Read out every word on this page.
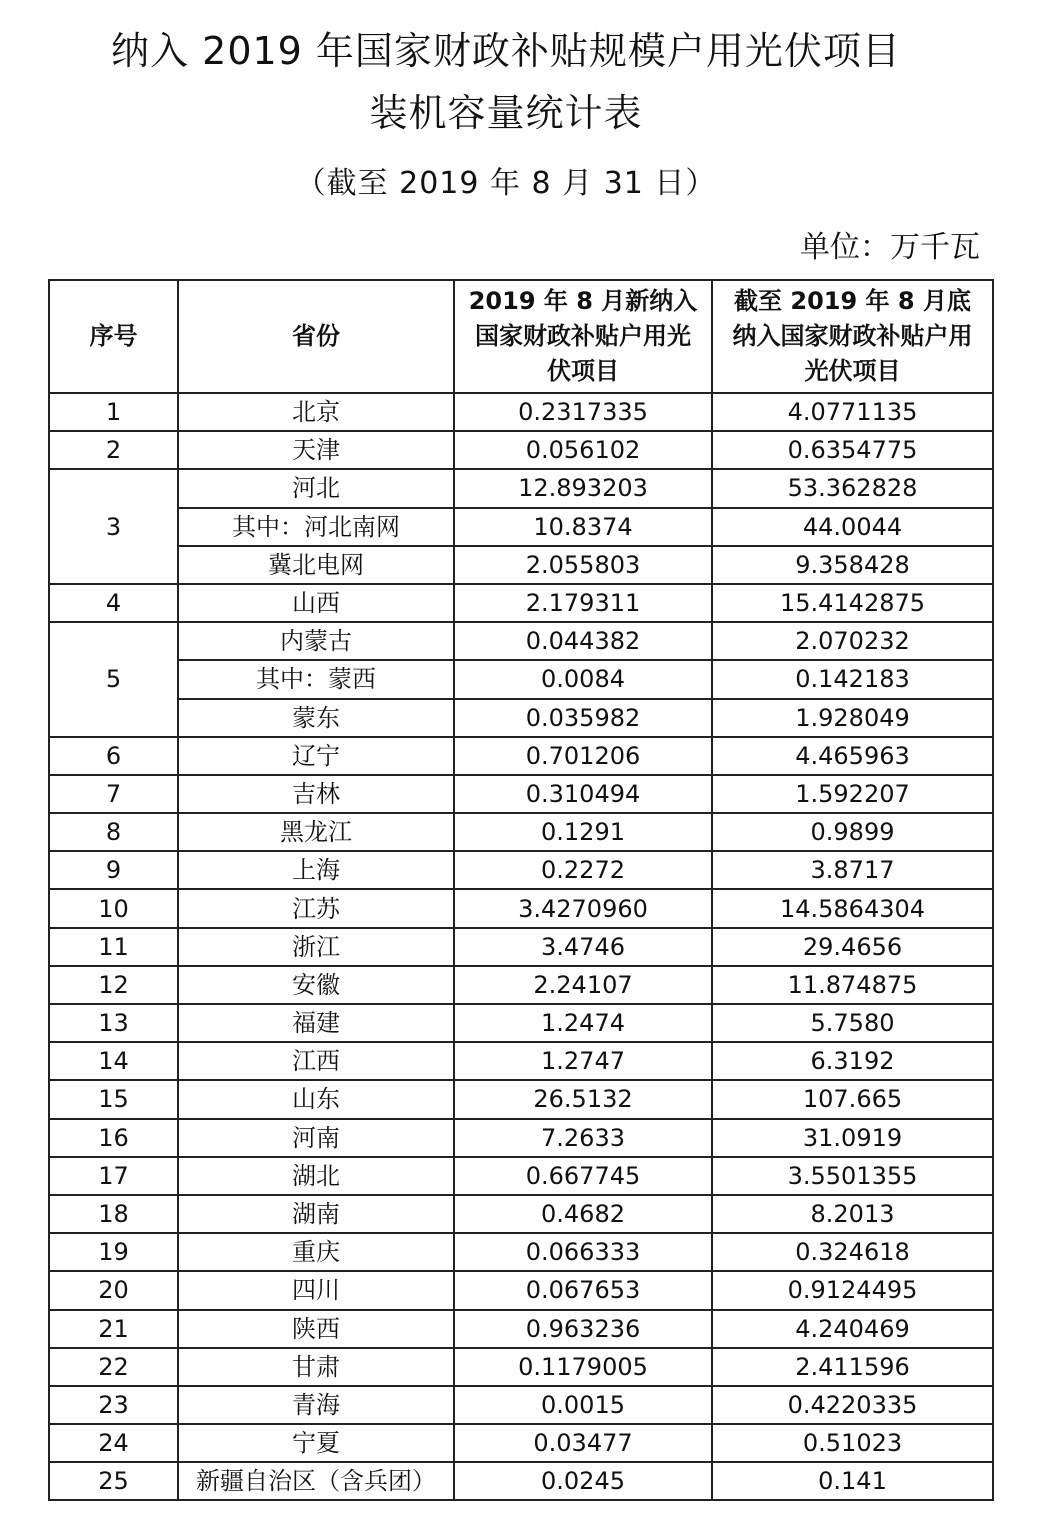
纳入 2019 年国家财政补贴规模户用光伏项目
装机容量统计表
（截至 2019 年 8 月 31 日）
单位：万千瓦
序号	省份	2019 年 8 月新纳入国家财政补贴户用光伏项目	截至 2019 年 8 月底纳入国家财政补贴户用光伏项目
1	北京	0.2317335	4.0771135
2	天津	0.056102	0.6354775
3	河北	12.893203	53.362828
	其中：河北南网	10.8374	44.0044
	冀北电网	2.055803	9.358428
4	山西	2.179311	15.4142875
5	内蒙古	0.044382	2.070232
	其中：蒙西	0.0084	0.142183
	蒙东	0.035982	1.928049
6	辽宁	0.701206	4.465963
7	吉林	0.310494	1.592207
8	黑龙江	0.1291	0.9899
9	上海	0.2272	3.8717
10	江苏	3.4270960	14.5864304
11	浙江	3.4746	29.4656
12	安徽	2.24107	11.874875
13	福建	1.2474	5.7580
14	江西	1.2747	6.3192
15	山东	26.5132	107.665
16	河南	7.2633	31.0919
17	湖北	0.667745	3.5501355
18	湖南	0.4682	8.2013
19	重庆	0.066333	0.324618
20	四川	0.067653	0.9124495
21	陕西	0.963236	4.240469
22	甘肃	0.1179005	2.411596
23	青海	0.0015	0.4220335
24	宁夏	0.03477	0.51023
25	新疆自治区（含兵团）	0.0245	0.141
